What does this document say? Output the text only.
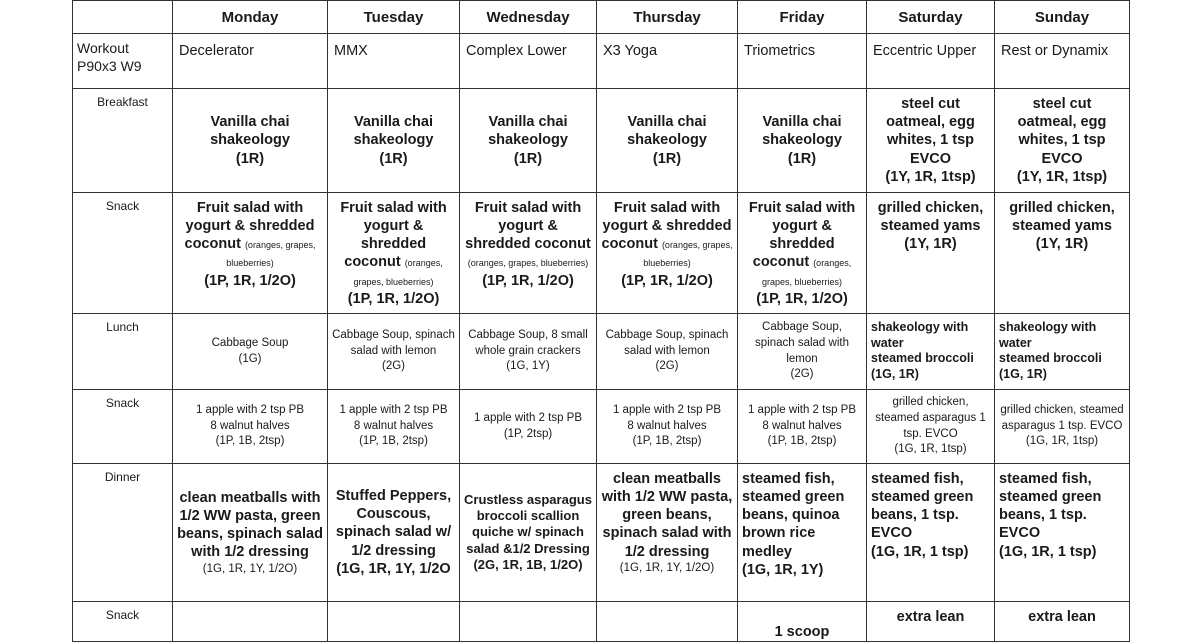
	Monday	Tuesday	Wednesday	Thursday	Friday	Saturday	Sunday

Workout
P90x3 W9	Decelerator	MMX	Complex Lower	X3 Yoga	Triometrics	Eccentric Upper	Rest or Dynamix
Breakfast	Vanilla chai
shakeology
(1R)	Vanilla chai
shakeology
(1R)	Vanilla chai
shakeology
(1R)	Vanilla chai
shakeology
(1R)	Vanilla chai
shakeology
(1R)	steel cut
oatmeal, egg
whites, 1 tsp
EVCO
(1Y, 1R, 1tsp)	steel cut
oatmeal, egg
whites, 1 tsp
EVCO
(1Y, 1R, 1tsp)

Snack	Fruit salad with yogurt & shredded coconut (oranges, grapes, blueberries)
(1P, 1R, 1/2O)	Fruit salad with yogurt & shredded coconut (oranges, grapes, blueberries)
(1P, 1R, 1/2O)	Fruit salad with yogurt & shredded coconut (oranges, grapes, blueberries)
(1P, 1R, 1/2O)	Fruit salad with yogurt & shredded coconut (oranges, grapes, blueberries)
(1P, 1R, 1/2O)	Fruit salad with yogurt & shredded coconut (oranges, grapes, blueberries)
(1P, 1R, 1/2O)	grilled chicken, steamed yams
(1Y, 1R)	grilled chicken, steamed yams
(1Y, 1R)

Lunch	Cabbage Soup
(1G)	Cabbage Soup, spinach salad with lemon
(2G)	Cabbage Soup, 8 small whole grain crackers
(1G, 1Y)	Cabbage Soup, spinach salad with lemon
(2G)	Cabbage Soup, spinach salad with lemon
(2G)	shakeology with water
steamed broccoli
(1G, 1R)	shakeology with water
steamed broccoli
(1G, 1R)

Snack	1 apple with 2 tsp PB
8 walnut halves
(1P, 1B, 2tsp)	1 apple with 2 tsp PB
8 walnut halves
(1P, 1B, 2tsp)	1 apple with 2 tsp PB
(1P, 2tsp)	1 apple with 2 tsp PB
8 walnut halves
(1P, 1B, 2tsp)	1 apple with 2 tsp PB
8 walnut halves
(1P, 1B, 2tsp)	grilled chicken, steamed asparagus 1 tsp. EVCO
(1G, 1R, 1tsp)	grilled chicken, steamed asparagus 1 tsp. EVCO
(1G, 1R, 1tsp)

Dinner	clean meatballs with 1/2 WW pasta, green beans, spinach salad with 1/2 dressing
(1G, 1R, 1Y, 1/2O)	Stuffed Peppers, Couscous, spinach salad w/ 1/2 dressing
(1G, 1R, 1Y, 1/2O	Crustless asparagus broccoli scallion quiche w/ spinach salad &1/2 Dressing
(2G, 1R, 1B, 1/2O)	clean meatballs with 1/2 WW pasta, green beans, spinach salad with 1/2 dressing
(1G, 1R, 1Y, 1/2O)	steamed fish, steamed green beans, quinoa brown rice medley
(1G, 1R, 1Y)	steamed fish, steamed green beans, 1 tsp. EVCO
(1G, 1R, 1 tsp)	steamed fish, steamed green beans, 1 tsp. EVCO
(1G, 1R, 1 tsp)

Snack					1 scoop	extra lean	extra lean
